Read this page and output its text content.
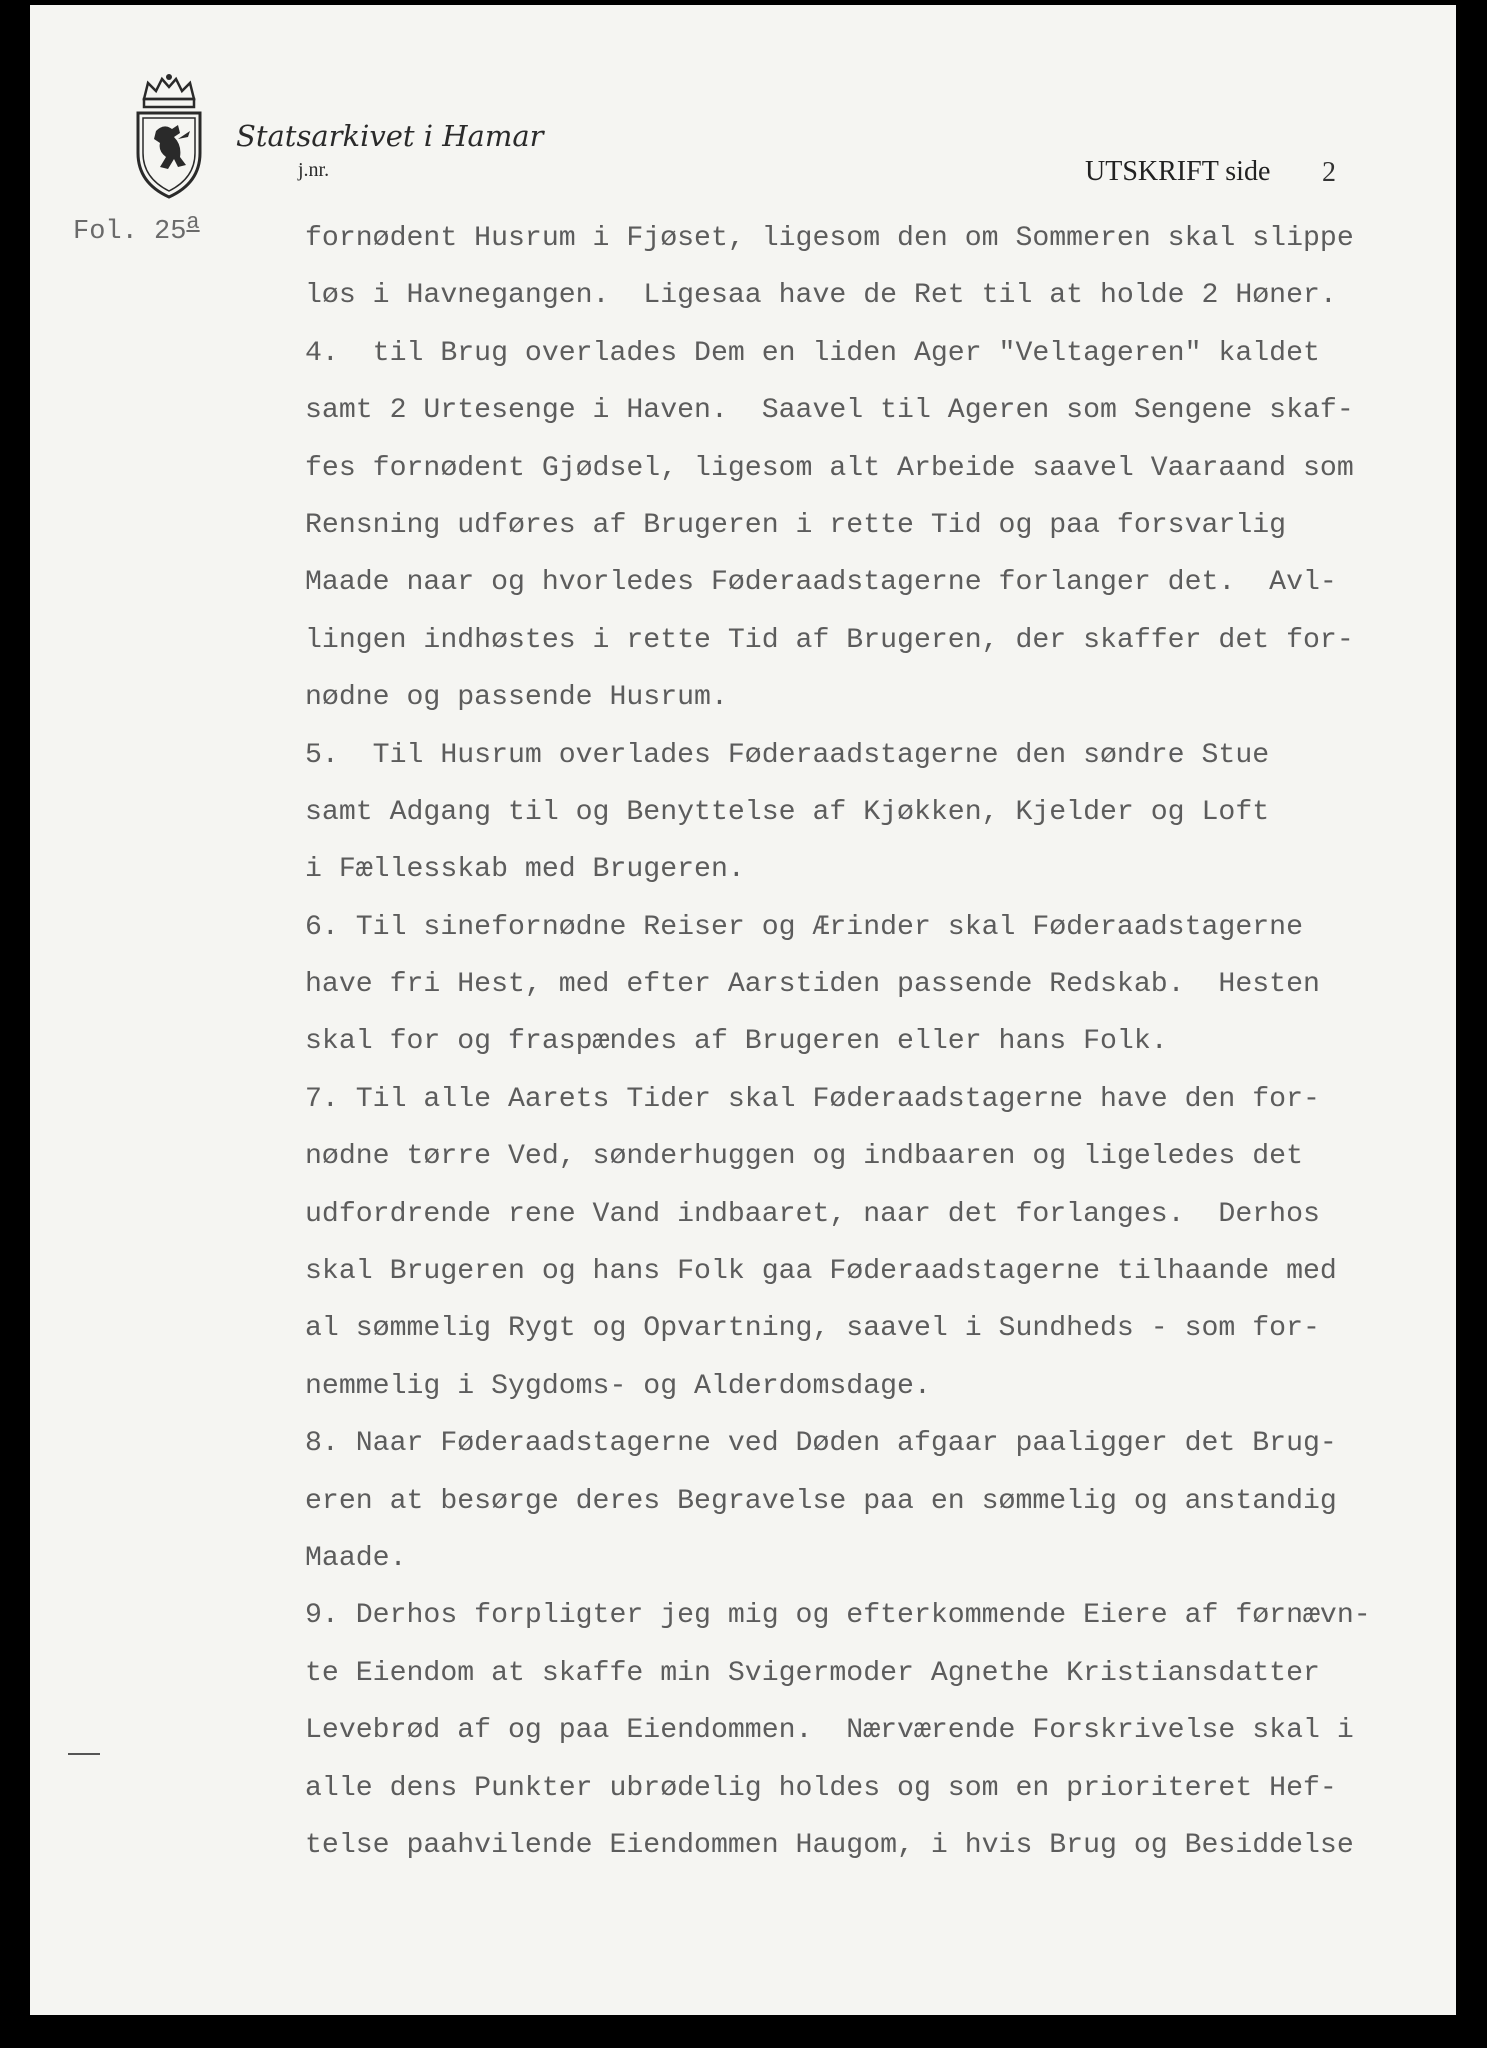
Statsarkivet i Hamar
j.nr.	UTSKRIFT side 2
Fol. 25$^a$
fornødent Husrum i Fjøset, ligesom den om Sommeren skal slippe
løs i Havnegangen.  Ligesaa have de Ret til at holde 2 Høner.
4.  til Brug overlades Dem en liden Ager "Veltageren" kaldet
samt 2 Urtesenge i Haven.  Saavel til Ageren som Sengene skaf-
fes fornødent Gjødsel, ligesom alt Arbeide saavel Vaaraand som
Rensning udføres af Brugeren i rette Tid og paa forsvarlig
Maade naar og hvorledes Føderaadstagerne forlanger det.  Avl-
lingen indhøstes i rette Tid af Brugeren, der skaffer det for-
nødne og passende Husrum.
5.  Til Husrum overlades Føderaadstagerne den søndre Stue
samt Adgang til og Benyttelse af Kjøkken, Kjelder og Loft
i Fællesskab med Brugeren.
6. Til sinefornødne Reiser og Ærinder skal Føderaadstagerne
have fri Hest, med efter Aarstiden passende Redskab.  Hesten
skal for og fraspændes af Brugeren eller hans Folk.
7. Til alle Aarets Tider skal Føderaadstagerne have den for-
nødne tørre Ved, sønderhuggen og indbaaren og ligeledes det
udfordrende rene Vand indbaaret, naar det forlanges.  Derhos
skal Brugeren og hans Folk gaa Føderaadstagerne tilhaande med
al sømmelig Rygt og Opvartning, saavel i Sundheds - som for-
nemmelig i Sygdoms- og Alderdomsdage.
8. Naar Føderaadstagerne ved Døden afgaar paaligger det Brug-
eren at besørge deres Begravelse paa en sømmelig og anstandig
Maade.
9. Derhos forpligter jeg mig og efterkommende Eiere af førnævn-
te Eiendom at skaffe min Svigermoder Agnethe Kristiansdatter
Levebrød af og paa Eiendommen.  Nærværende Forskrivelse skal i
alle dens Punkter ubrødelig holdes og som en prioriteret Hef-
telse paahvilende Eiendommen Haugom, i hvis Brug og Besiddelse
